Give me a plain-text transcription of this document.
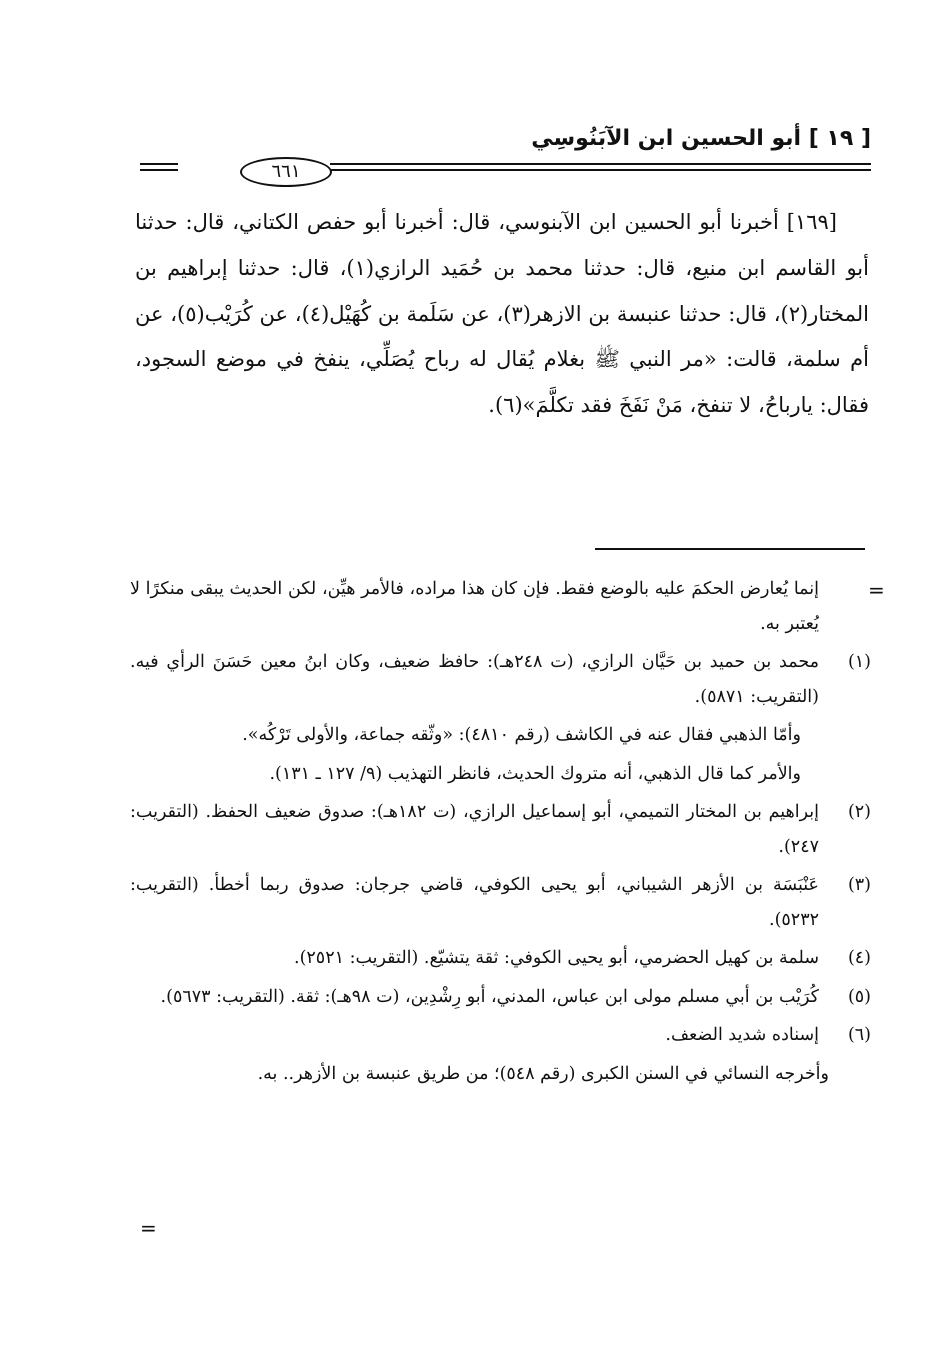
[ ١٩ ] أبو الحسين ابن الآبَنُوسِي
٦٦١

[١٦٩] أخبرنا أبو الحسين ابن الآبنوسي، قال: أخبرنا أبو حفص الكتاني، قال: حدثنا أبو القاسم ابن منيع، قال: حدثنا محمد بن حُمَيد الرازي(١)، قال: حدثنا إبراهيم بن المختار(٢)، قال: حدثنا عنبسة بن الازهر(٣)، عن سَلَمة بن كُهَيْل(٤)، عن كُرَيْب(٥)، عن أم سلمة، قالت: «مر النبي ﷺ بغلام يُقال له رباح يُصَلِّي، ينفخ في موضع السجود، فقال: يارباحُ، لا تنفخ، مَنْ نَفَخَ فقد تكلَّمَ»(٦).

=

إنما يُعارض الحكمَ عليه بالوضع فقط. فإن كان هذا مراده، فالأمر هيِّن، لكن الحديث يبقى منكرًا لا يُعتبر به.

(١)
محمد بن حميد بن حَيَّان الرازي، (ت ٢٤٨هـ): حافظ ضعيف، وكان ابنُ معين حَسَنَ الرأي فيه. (التقريب: ٥٨٧١).

وأمّا الذهبي فقال عنه في الكاشف (رقم ٤٨١٠): «وثّقه جماعة، والأولى تَرْكُه».

والأمر كما قال الذهبي، أنه متروك الحديث، فانظر التهذيب (٩/ ١٢٧ ـ ١٣١).

(٢)
إبراهيم بن المختار التميمي، أبو إسماعيل الرازي، (ت ١٨٢هـ): صدوق ضعيف الحفظ. (التقريب: ٢٤٧).
(٣)
عَنْبَسَة بن الأزهر الشيباني، أبو يحيى الكوفي، قاضي جرجان: صدوق ربما أخطأ. (التقريب: ٥٢٣٢).
(٤)
سلمة بن كهيل الحضرمي، أبو يحيى الكوفي: ثقة يتشيّع. (التقريب: ٢٥٢١).
(٥)
كُرَيْب بن أبي مسلم مولى ابن عباس، المدني، أبو رِشْدِين، (ت ٩٨هـ): ثقة. (التقريب: ٥٦٧٣).
(٦)
إسناده شديد الضعف.

وأخرجه النسائي في السنن الكبرى (رقم ٥٤٨)؛ من طريق عنبسة بن الأزهر.. به.

=
